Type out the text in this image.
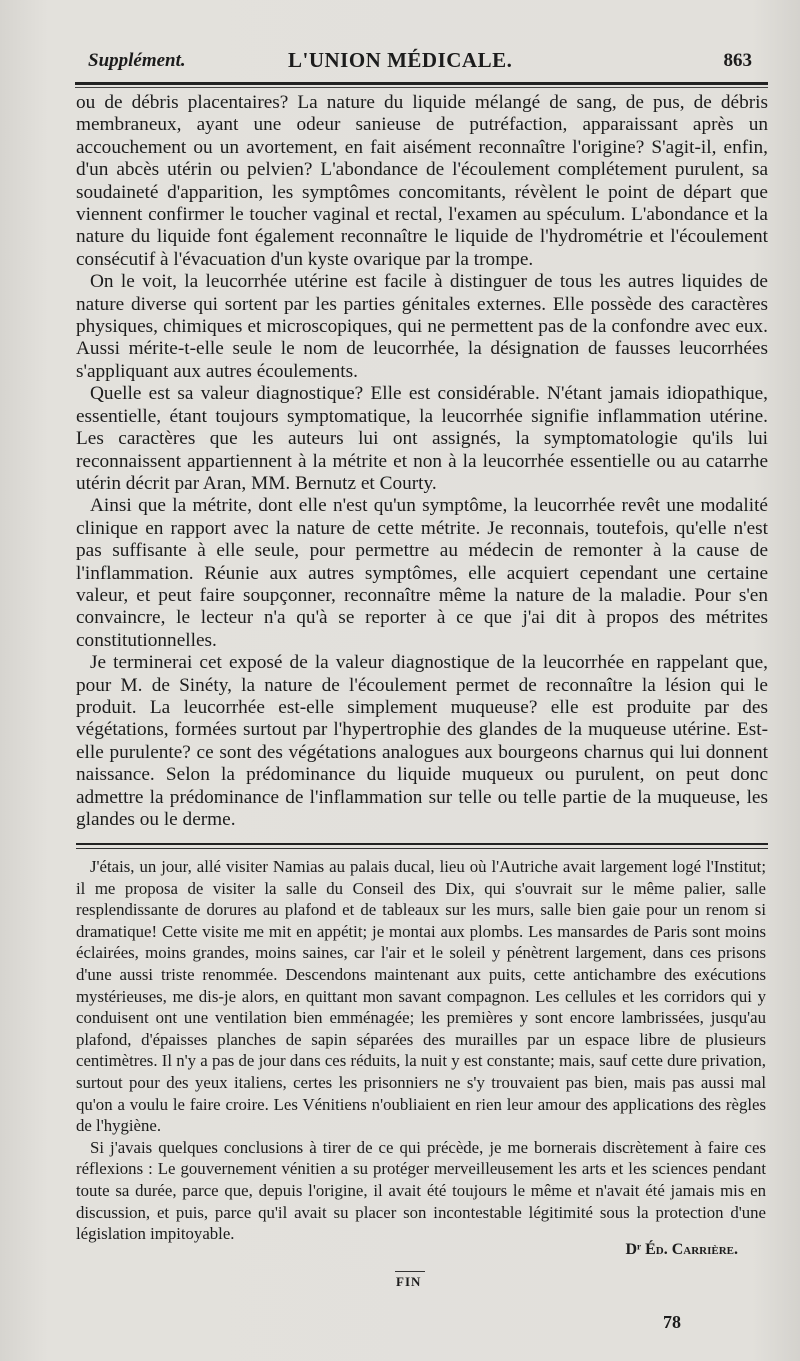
Supplément.	L'UNION MÉDICALE.	863

ou de débris placentaires? La nature du liquide mélangé de sang, de pus, de débris membraneux, ayant une odeur sanieuse de putréfaction, apparaissant après un accouchement ou un avortement, en fait aisément reconnaître l'origine? S'agit-il, enfin, d'un abcès utérin ou pelvien? L'abondance de l'écoulement complétement purulent, sa soudaineté d'apparition, les symptômes concomitants, révèlent le point de départ que viennent confirmer le toucher vaginal et rectal, l'examen au spéculum. L'abondance et la nature du liquide font également reconnaître le liquide de l'hydrométrie et l'écoulement consécutif à l'évacuation d'un kyste ovarique par la trompe.

On le voit, la leucorrhée utérine est facile à distinguer de tous les autres liquides de nature diverse qui sortent par les parties génitales externes. Elle possède des caractères physiques, chimiques et microscopiques, qui ne permettent pas de la confondre avec eux. Aussi mérite-t-elle seule le nom de leucorrhée, la désignation de fausses leucorrhées s'appliquant aux autres écoulements.

Quelle est sa valeur diagnostique? Elle est considérable. N'étant jamais idiopathique, essentielle, étant toujours symptomatique, la leucorrhée signifie inflammation utérine. Les caractères que les auteurs lui ont assignés, la symptomatologie qu'ils lui reconnaissent appartiennent à la métrite et non à la leucorrhée essentielle ou au catarrhe utérin décrit par Aran, MM. Bernutz et Courty.

Ainsi que la métrite, dont elle n'est qu'un symptôme, la leucorrhée revêt une modalité clinique en rapport avec la nature de cette métrite. Je reconnais, toutefois, qu'elle n'est pas suffisante à elle seule, pour permettre au médecin de remonter à la cause de l'inflammation. Réunie aux autres symptômes, elle acquiert cependant une certaine valeur, et peut faire soupçonner, reconnaître même la nature de la maladie. Pour s'en convaincre, le lecteur n'a qu'à se reporter à ce que j'ai dit à propos des métrites constitutionnelles.

Je terminerai cet exposé de la valeur diagnostique de la leucorrhée en rappelant que, pour M. de Sinéty, la nature de l'écoulement permet de reconnaître la lésion qui le produit. La leucorrhée est-elle simplement muqueuse? elle est produite par des végétations, formées surtout par l'hypertrophie des glandes de la muqueuse utérine. Est-elle purulente? ce sont des végétations analogues aux bourgeons charnus qui lui donnent naissance. Selon la prédominance du liquide muqueux ou purulent, on peut donc admettre la prédominance de l'inflammation sur telle ou telle partie de la muqueuse, les glandes ou le derme.

J'étais, un jour, allé visiter Namias au palais ducal, lieu où l'Autriche avait largement logé l'Institut; il me proposa de visiter la salle du Conseil des Dix, qui s'ouvrait sur le même palier, salle resplendissante de dorures au plafond et de tableaux sur les murs, salle bien gaie pour un renom si dramatique! Cette visite me mit en appétit; je montai aux plombs. Les mansardes de Paris sont moins éclairées, moins grandes, moins saines, car l'air et le soleil y pénètrent largement, dans ces prisons d'une aussi triste renommée. Descendons maintenant aux puits, cette antichambre des exécutions mystérieuses, me dis-je alors, en quittant mon savant compagnon. Les cellules et les corridors qui y conduisent ont une ventilation bien emménagée; les premières y sont encore lambrissées, jusqu'au plafond, d'épaisses planches de sapin séparées des murailles par un espace libre de plusieurs centimètres. Il n'y a pas de jour dans ces réduits, la nuit y est constante; mais, sauf cette dure privation, surtout pour des yeux italiens, certes les prisonniers ne s'y trouvaient pas bien, mais pas aussi mal qu'on a voulu le faire croire. Les Vénitiens n'oubliaient en rien leur amour des applications des règles de l'hygiène.

Si j'avais quelques conclusions à tirer de ce qui précède, je me bornerais discrètement à faire ces réflexions : Le gouvernement vénitien a su protéger merveilleusement les arts et les sciences pendant toute sa durée, parce que, depuis l'origine, il avait été toujours le même et n'avait été jamais mis en discussion, et puis, parce qu'il avait su placer son incontestable légitimité sous la protection d'une législation impitoyable.

Dʳ Éd. Carrière.
FIN
78
